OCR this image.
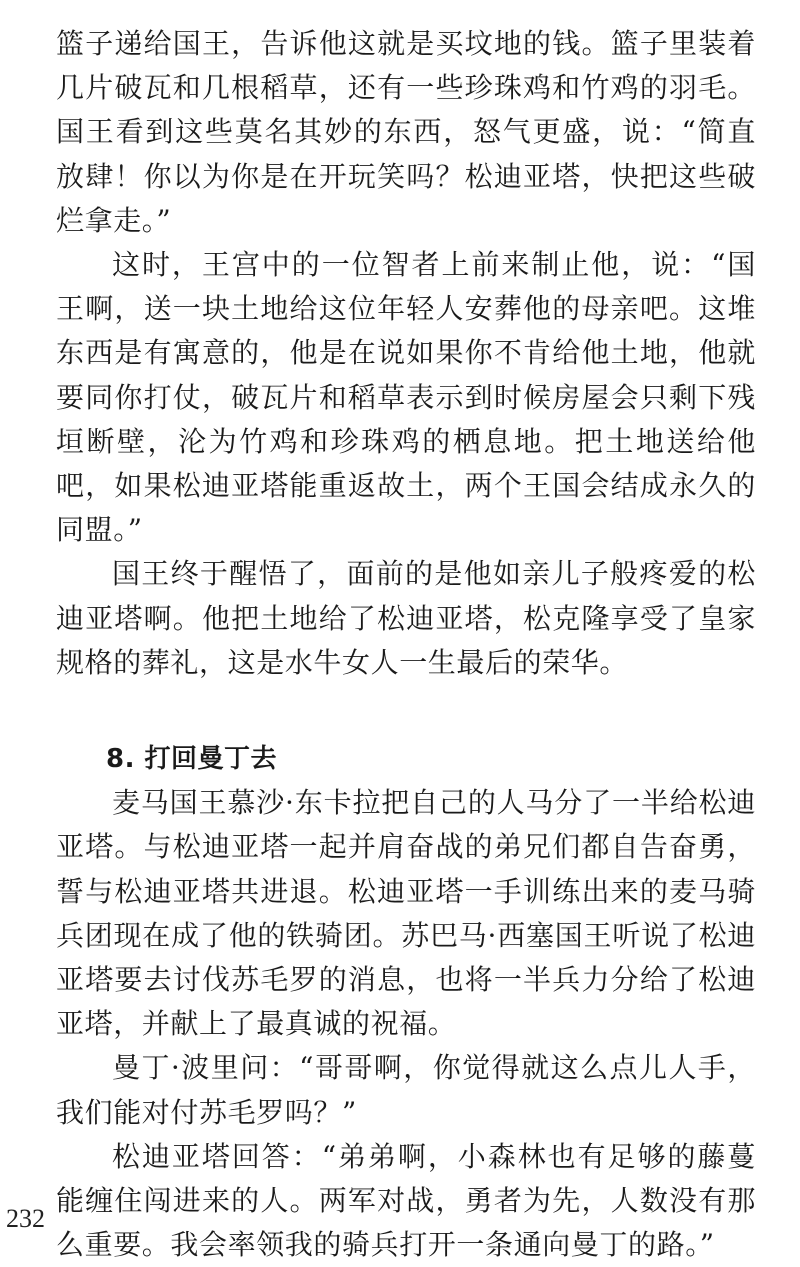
篮子递给国王，告诉他这就是买坟地的钱。篮子里装着几片破瓦和几根稻草，还有一些珍珠鸡和竹鸡的羽毛。国王看到这些莫名其妙的东西，怒气更盛，说：“简直放肆！你以为你是在开玩笑吗？松迪亚塔，快把这些破烂拿走。”

这时，王宫中的一位智者上前来制止他，说：“国王啊，送一块土地给这位年轻人安葬他的母亲吧。这堆东西是有寓意的，他是在说如果你不肯给他土地，他就要同你打仗，破瓦片和稻草表示到时候房屋会只剩下残垣断壁，沦为竹鸡和珍珠鸡的栖息地。把土地送给他吧，如果松迪亚塔能重返故土，两个王国会结成永久的同盟。”

国王终于醒悟了，面前的是他如亲儿子般疼爱的松迪亚塔啊。他把土地给了松迪亚塔，松克隆享受了皇家规格的葬礼，这是水牛女人一生最后的荣华。

8. 打回曼丁去

麦马国王慕沙·东卡拉把自己的人马分了一半给松迪亚塔。与松迪亚塔一起并肩奋战的弟兄们都自告奋勇，誓与松迪亚塔共进退。松迪亚塔一手训练出来的麦马骑兵团现在成了他的铁骑团。苏巴马·西塞国王听说了松迪亚塔要去讨伐苏毛罗的消息，也将一半兵力分给了松迪亚塔，并献上了最真诚的祝福。

曼丁·波里问：“哥哥啊，你觉得就这么点儿人手，我们能对付苏毛罗吗？”

松迪亚塔回答：“弟弟啊，小森林也有足够的藤蔓能缠住闯进来的人。两军对战，勇者为先，人数没有那么重要。我会率领我的骑兵打开一条通向曼丁的路。”

232
